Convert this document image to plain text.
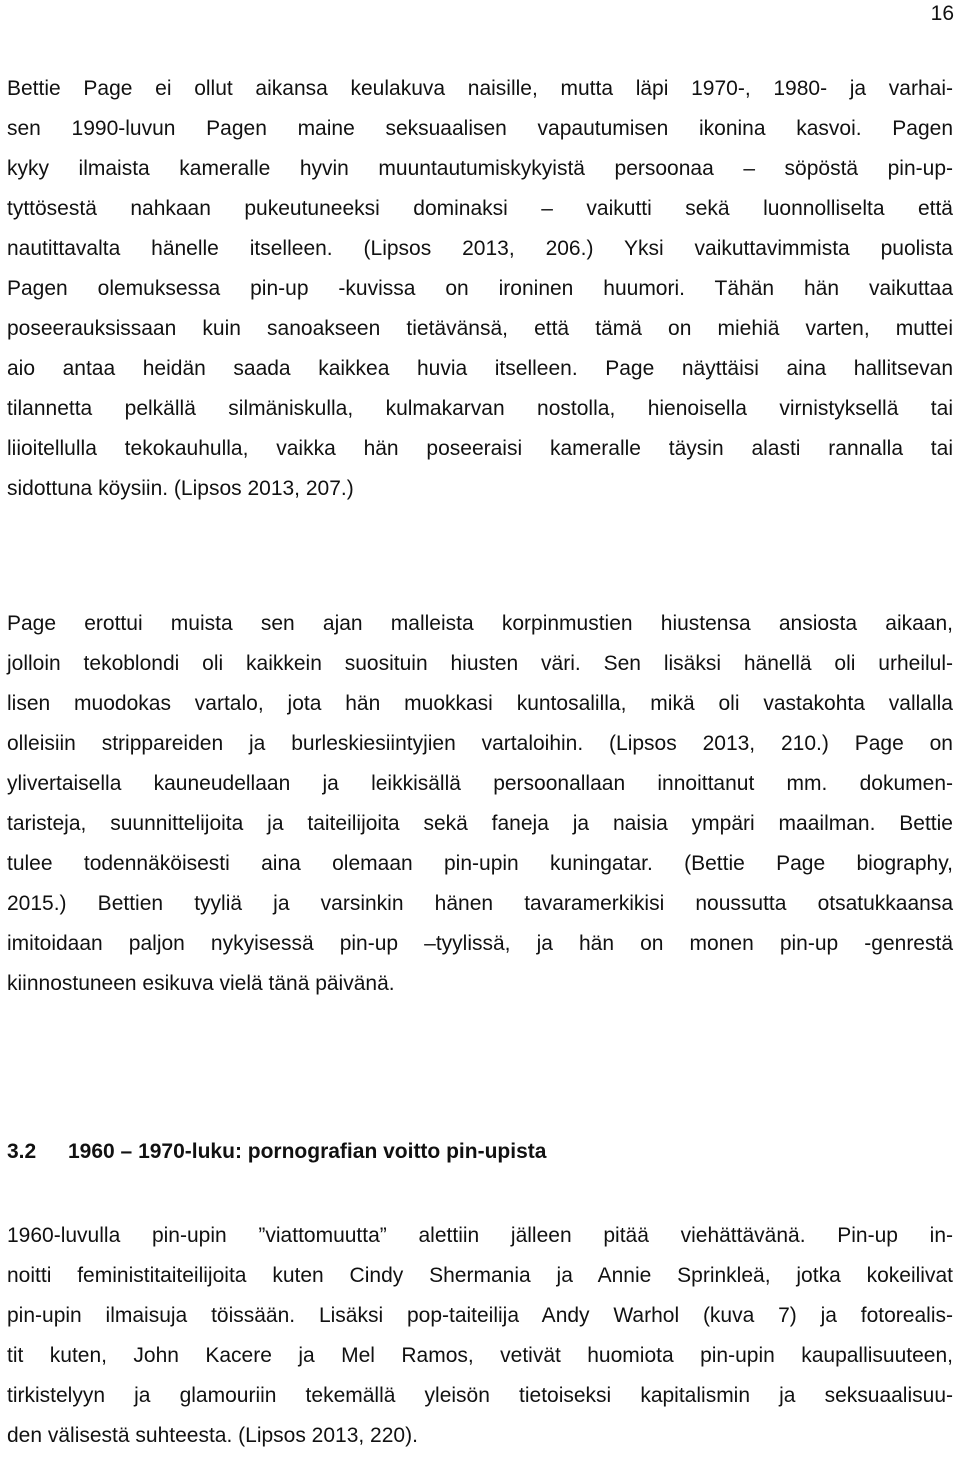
16
Bettie Page ei ollut aikansa keulakuva naisille, mutta läpi 1970-, 1980- ja varhai-
sen 1990-luvun Pagen maine seksuaalisen vapautumisen ikonina kasvoi. Pagen
kyky ilmaista kameralle hyvin muuntautumiskykyistä persoonaa – söpöstä pin-up-
tyttösestä nahkaan pukeutuneeksi dominaksi – vaikutti sekä luonnolliselta että
nautittavalta hänelle itselleen. (Lipsos 2013, 206.) Yksi vaikuttavimmista puolista
Pagen olemuksessa pin-up -kuvissa on ironinen huumori. Tähän hän vaikuttaa
poseerauksissaan kuin sanoakseen tietävänsä, että tämä on miehiä varten, muttei
aio antaa heidän saada kaikkea huvia itselleen. Page näyttäisi aina hallitsevan
tilannetta pelkällä silmäniskulla, kulmakarvan nostolla, hienoisella virnistyksellä tai
liioitellulla tekokauhulla, vaikka hän poseeraisi kameralle täysin alasti rannalla tai
sidottuna köysiin. (Lipsos 2013, 207.)
Page erottui muista sen ajan malleista korpinmustien hiustensa ansiosta aikaan,
jolloin tekoblondi oli kaikkein suosituin hiusten väri. Sen lisäksi hänellä oli urheilul-
lisen muodokas vartalo, jota hän muokkasi kuntosalilla, mikä oli vastakohta vallalla
olleisiin strippareiden ja burleskiesiintyjien vartaloihin. (Lipsos 2013, 210.) Page on
ylivertaisella kauneudellaan ja leikkisällä persoonallaan innoittanut mm. dokumen-
taristeja, suunnittelijoita ja taiteilijoita sekä faneja ja naisia ympäri maailman. Bettie
tulee todennäköisesti aina olemaan pin-upin kuningatar. (Bettie Page biography,
2015.) Bettien tyyliä ja varsinkin hänen tavaramerkikisi noussutta otsatukkaansa
imitoidaan paljon nykyisessä pin-up –tyylissä, ja hän on monen pin-up -genrestä
kiinnostuneen esikuva vielä tänä päivänä.
3.2 1960 – 1970-luku: pornografian voitto pin-upista
1960-luvulla pin-upin ”viattomuutta” alettiin jälleen pitää viehättävänä. Pin-up in-
noitti feministitaiteilijoita kuten Cindy Shermania ja Annie Sprinkleä, jotka kokeilivat
pin-upin ilmaisuja töissään. Lisäksi pop-taiteilija Andy Warhol (kuva 7) ja fotorealis-
tit kuten, John Kacere ja Mel Ramos, vetivät huomiota pin-upin kaupallisuuteen,
tirkistelyyn ja glamouriin tekemällä yleisön tietoiseksi kapitalismin ja seksuaalisuu-
den välisestä suhteesta. (Lipsos 2013, 220).
